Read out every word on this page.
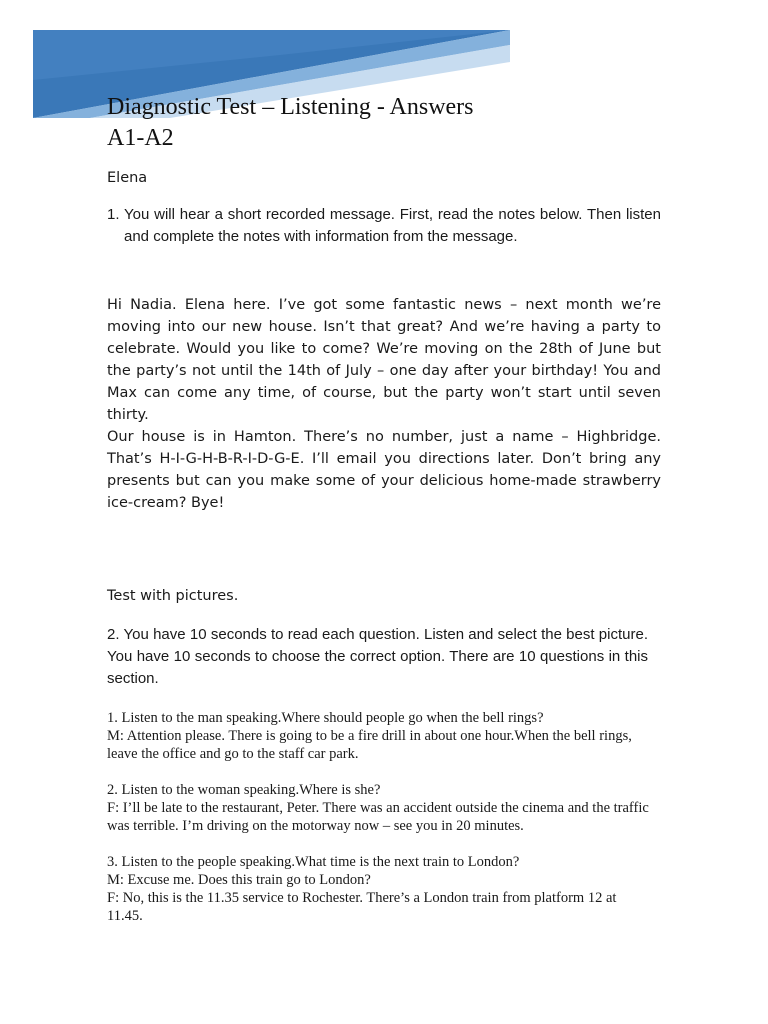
Diagnostic Test – Listening - Answers
A1-A2
Elena
1. You will hear a short recorded message. First, read the notes below. Then listen and complete the notes with information from the message.

Hi Nadia. Elena here. I’ve got some fantastic news – next month we’re moving into our new house. Isn’t that great? And we’re having a party to celebrate. Would you like to come? We’re moving on the 28th of June but the party’s not until the 14th of July – one day after your birthday! You and Max can come any time, of course, but the party won’t start until seven thirty.

Our house is in Hamton. There’s no number, just a name – Highbridge. That’s H-I-G-H-B-R-I-D-G-E. I’ll email you directions later. Don’t bring any presents but can you make some of your delicious home-made strawberry ice-cream? Bye!

Test with pictures.
2. You have 10 seconds to read each question. Listen and select the best picture. You have 10 seconds to choose the correct option. There are 10 questions in this section.
1. Listen to the man speaking.Where should people go when the bell rings?
M: Attention please. There is going to be a fire drill in about one hour.When the bell rings, leave the office and go to the staff car park.
2. Listen to the woman speaking.Where is she?
F: I’ll be late to the restaurant, Peter. There was an accident outside the cinema and the traffic was terrible. I’m driving on the motorway now – see you in 20 minutes.
3. Listen to the people speaking.What time is the next train to London?
M: Excuse me. Does this train go to London?
F: No, this is the 11.35 service to Rochester. There’s a London train from platform 12 at 11.45.
